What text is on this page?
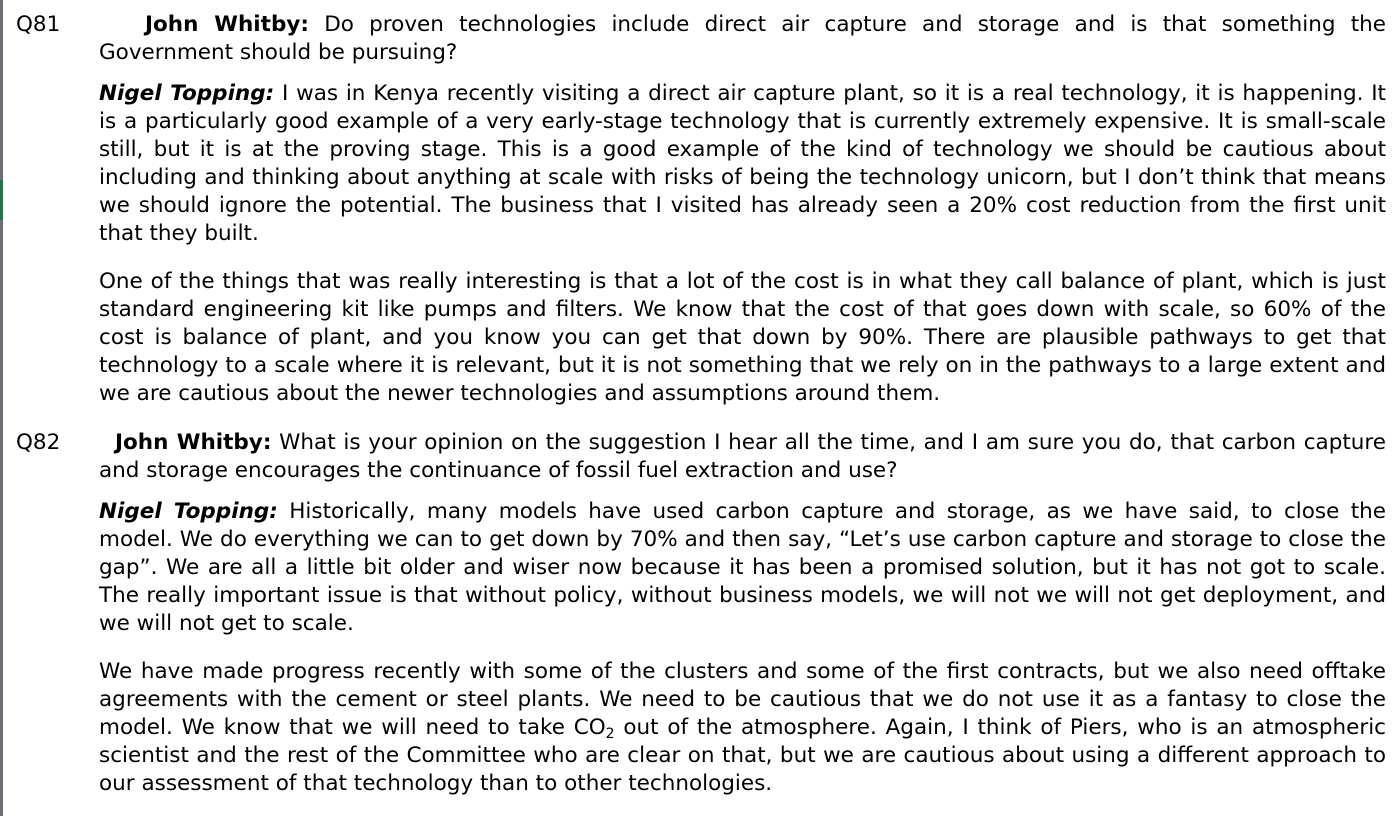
Q81	John Whitby: Do proven technologies include direct air capture and storage and is that something the Government should be pursuing?

Nigel Topping: I was in Kenya recently visiting a direct air capture plant, so it is a real technology, it is happening. It is a particularly good example of a very early-stage technology that is currently extremely expensive. It is small-scale still, but it is at the proving stage. This is a good example of the kind of technology we should be cautious about including and thinking about anything at scale with risks of being the technology unicorn, but I don’t think that means we should ignore the potential. The business that I visited has already seen a 20% cost reduction from the first unit that they built.

One of the things that was really interesting is that a lot of the cost is in what they call balance of plant, which is just standard engineering kit like pumps and filters. We know that the cost of that goes down with scale, so 60% of the cost is balance of plant, and you know you can get that down by 90%. There are plausible pathways to get that technology to a scale where it is relevant, but it is not something that we rely on in the pathways to a large extent and we are cautious about the newer technologies and assumptions around them.

Q82	John Whitby: What is your opinion on the suggestion I hear all the time, and I am sure you do, that carbon capture and storage encourages the continuance of fossil fuel extraction and use?

Nigel Topping: Historically, many models have used carbon capture and storage, as we have said, to close the model. We do everything we can to get down by 70% and then say, “Let’s use carbon capture and storage to close the gap”. We are all a little bit older and wiser now because it has been a promised solution, but it has not got to scale. The really important issue is that without policy, without business models, we will not we will not get deployment, and we will not get to scale.

We have made progress recently with some of the clusters and some of the first contracts, but we also need offtake agreements with the cement or steel plants. We need to be cautious that we do not use it as a fantasy to close the model. We know that we will need to take $CO_2$ out of the atmosphere. Again, I think of Piers, who is an atmospheric scientist and the rest of the Committee who are clear on that, but we are cautious about using a different approach to our assessment of that technology than to other technologies.
